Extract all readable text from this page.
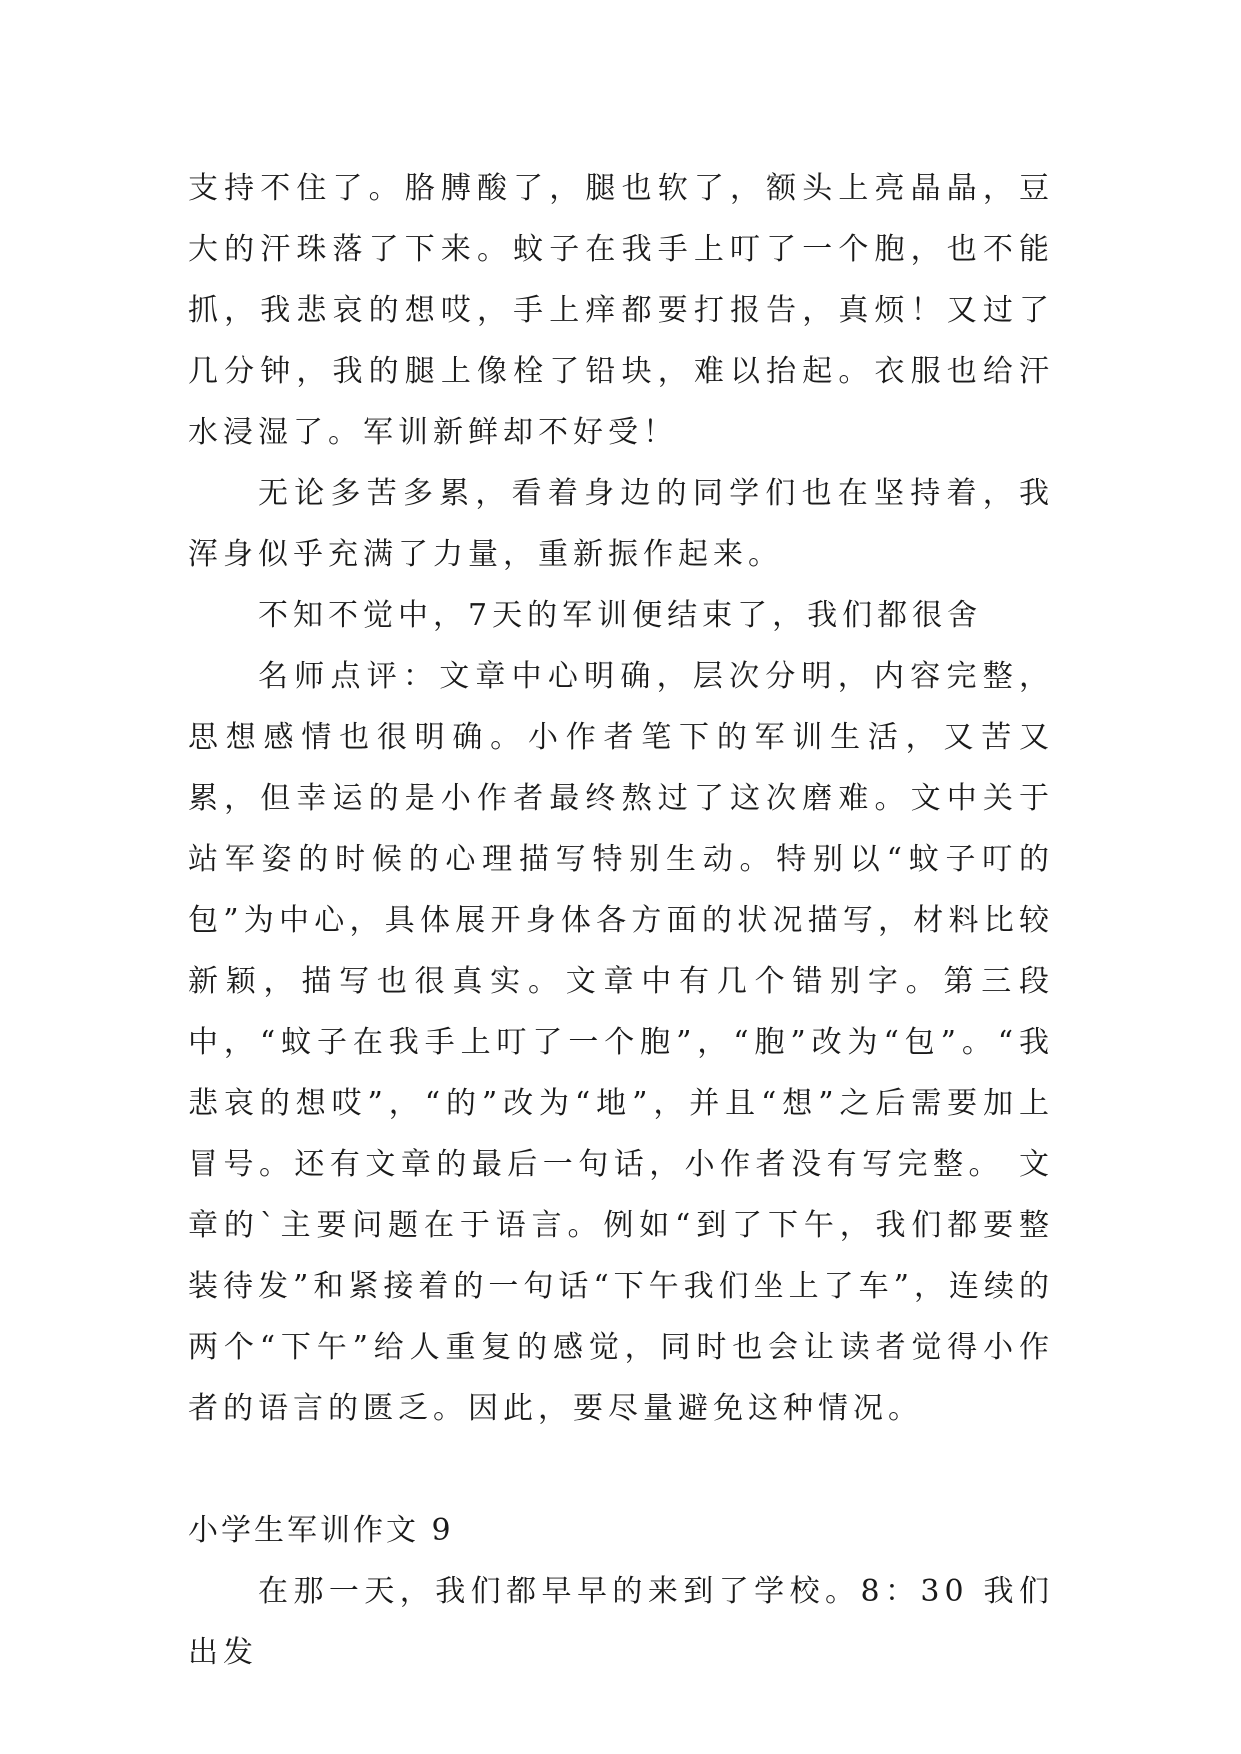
支持不住了。胳膊酸了，腿也软了，额头上亮晶晶，豆大的汗珠落了下来。蚊子在我手上叮了一个胞，也不能抓，我悲哀的想哎，手上痒都要打报告，真烦！又过了几分钟，我的腿上像栓了铅块，难以抬起。衣服也给汗水浸湿了。军训新鲜却不好受！

无论多苦多累，看着身边的同学们也在坚持着，我浑身似乎充满了力量，重新振作起来。

不知不觉中，7天的军训便结束了，我们都很舍

名师点评：文章中心明确，层次分明，内容完整，思想感情也很明确。小作者笔下的军训生活，又苦又累，但幸运的是小作者最终熬过了这次磨难。文中关于站军姿的时候的心理描写特别生动。特别以“蚊子叮的包”为中心，具体展开身体各方面的状况描写，材料比较新颖，描写也很真实。文章中有几个错别字。第三段中，“蚊子在我手上叮了一个胞”，“胞”改为“包”。“我悲哀的想哎”，“的”改为“地”，并且“想”之后需要加上冒号。还有文章的最后一句话，小作者没有写完整。 文章的`主要问题在于语言。例如“到了下午，我们都要整装待发”和紧接着的一句话“下午我们坐上了车”，连续的两个“下午”给人重复的感觉，同时也会让读者觉得小作者的语言的匮乏。因此，要尽量避免这种情况。

小学生军训作文 9

在那一天，我们都早早的来到了学校。8：30 我们出发
